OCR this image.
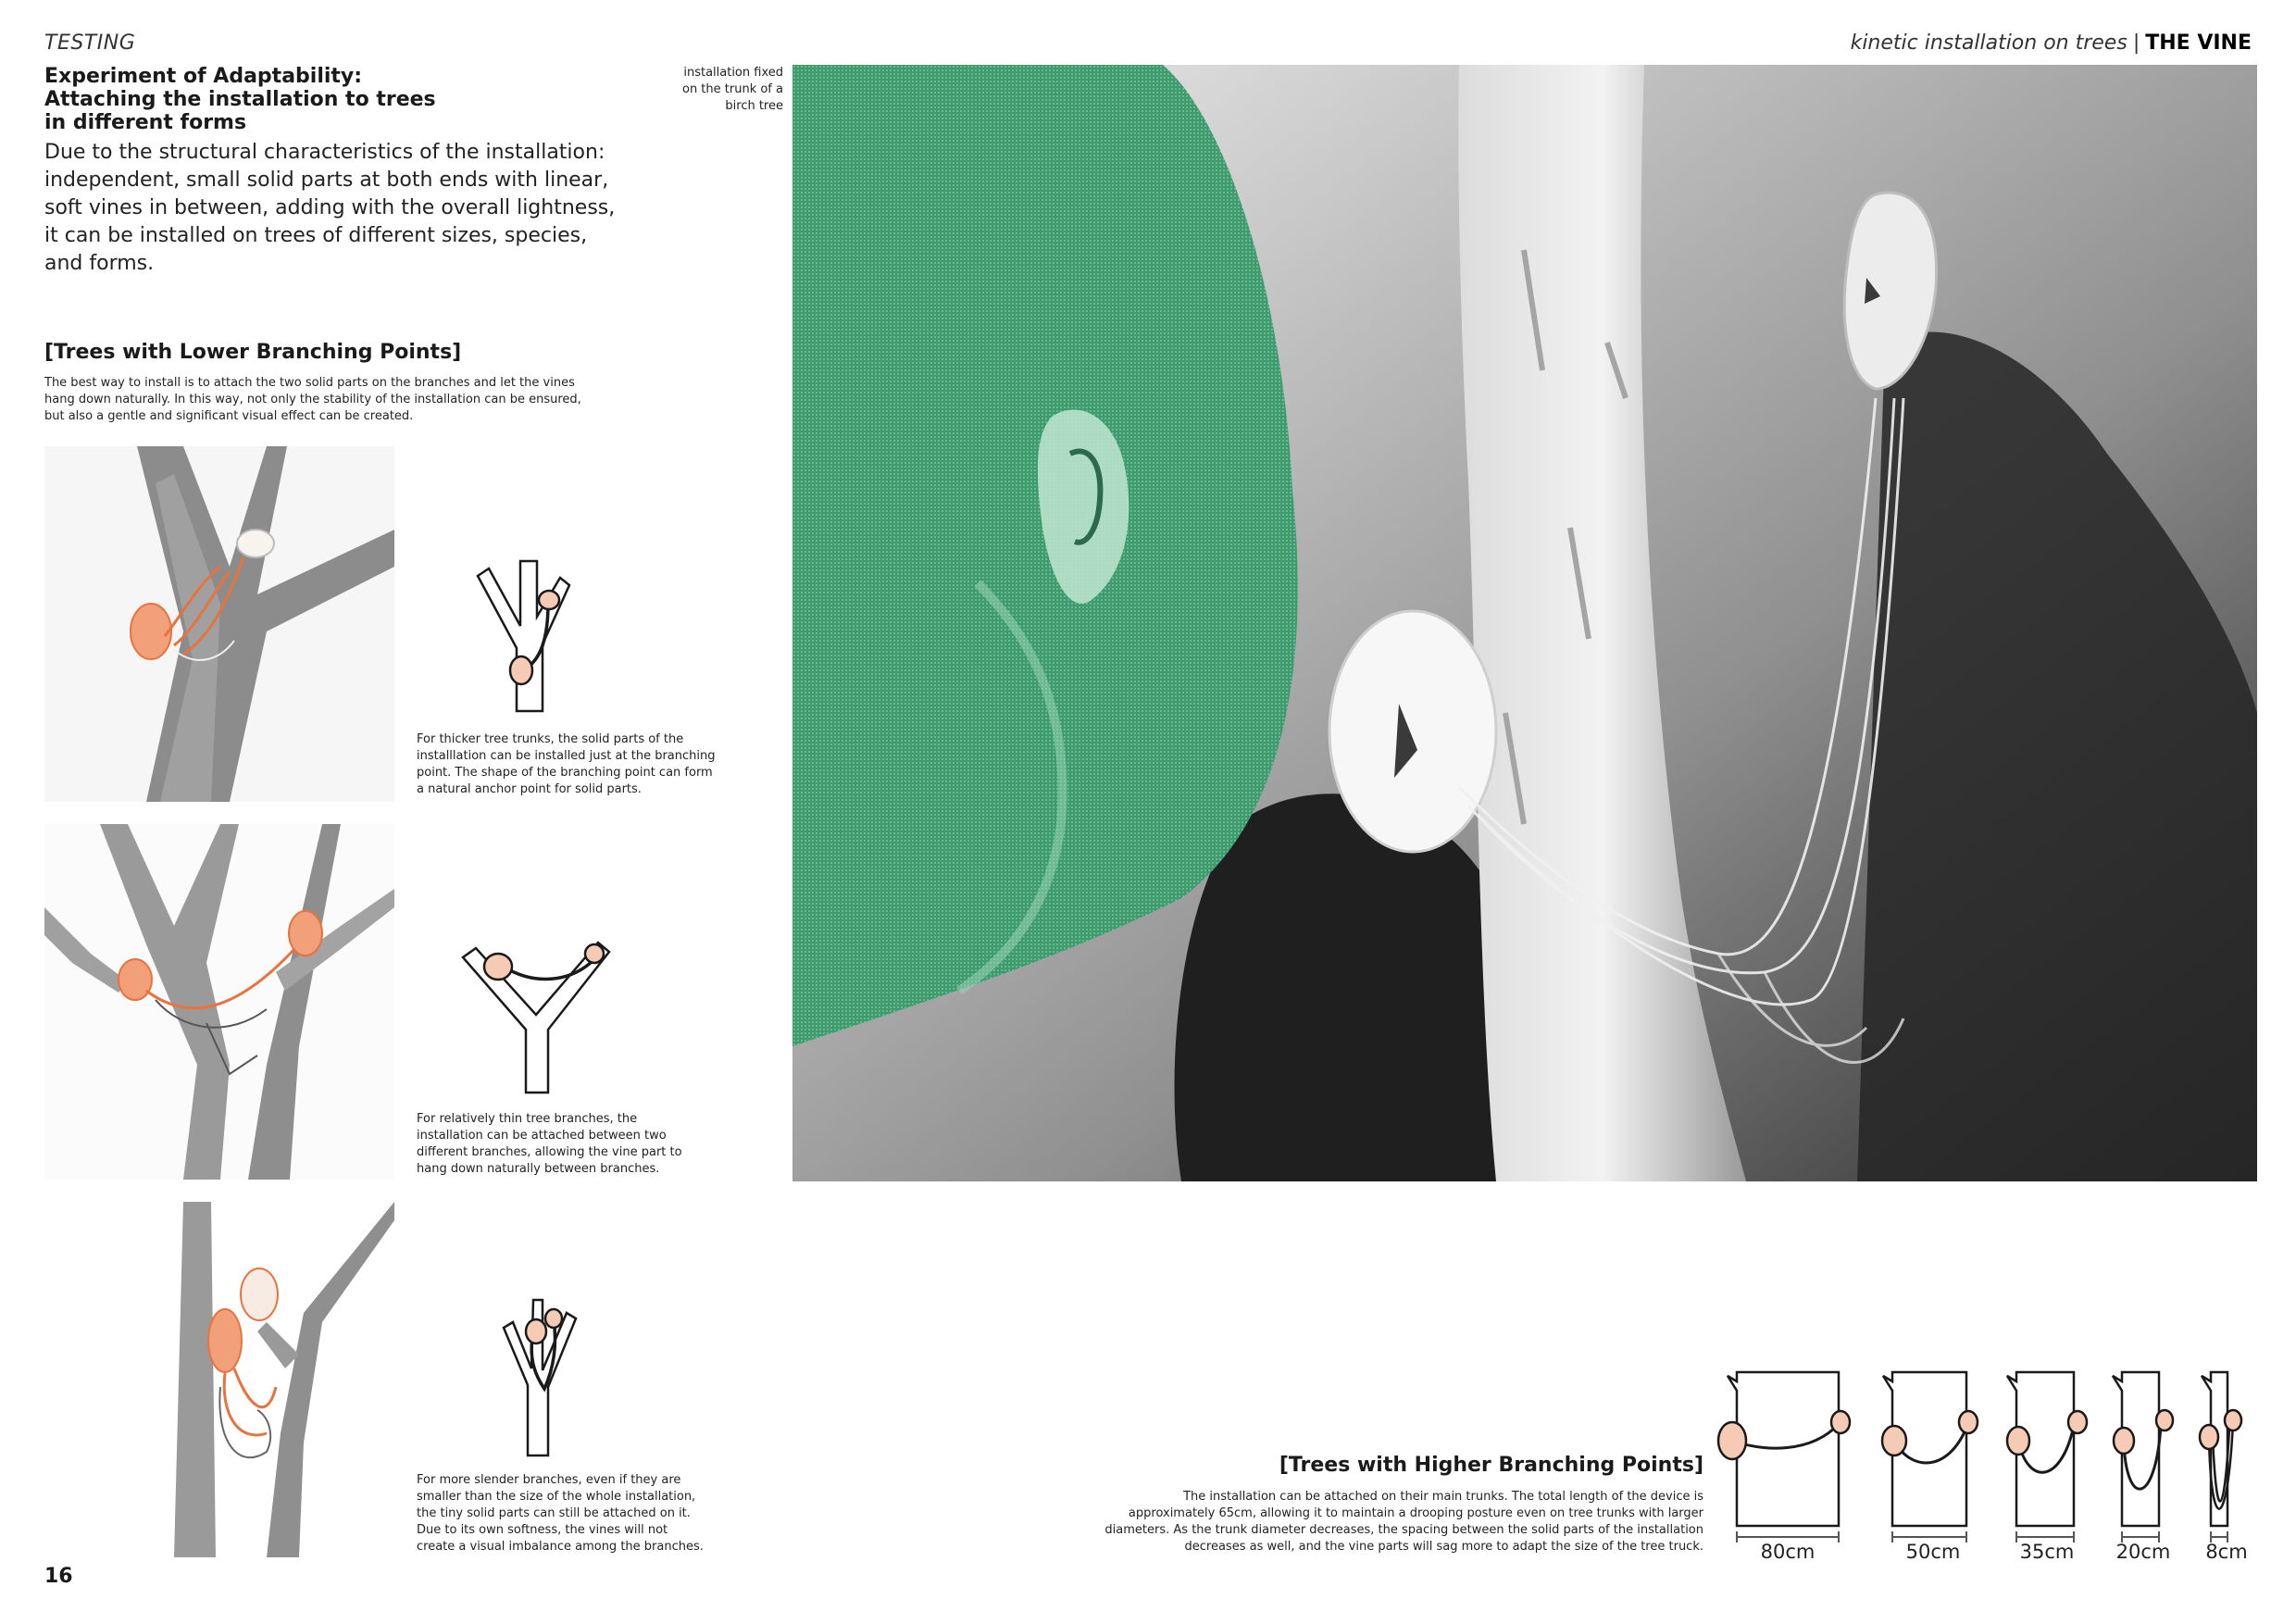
TESTING	kinetic installation on trees | THE VINE
Experiment of Adaptability:
Attaching the installation to trees
in different forms
Due to the structural characteristics of the installation: independent, small solid parts at both ends with linear, soft vines in between, adding with the overall lightness, it can be installed on trees of different sizes, species, and forms.
[Trees with Lower Branching Points]
The best way to install is to attach the two solid parts on the branches and let the vines hang down naturally. In this way, not only the stability of the installation can be ensured, but also a gentle and significant visual effect can be created.
For thicker tree trunks, the solid parts of the installlation can be installed just at the branching point. The shape of the branching point can form a natural anchor point for solid parts.
For relatively thin tree branches, the installation can be attached between two different branches, allowing the vine part to hang down naturally between branches.
For more slender branches, even if they are smaller than the size of the whole installation, the tiny solid parts can still be attached on it. Due to its own softness, the vines will not create a visual imbalance among the branches.
installation fixed on the trunk of a birch tree
[Trees with Higher Branching Points]
The installation can be attached on their main trunks. The total length of the device is approximately 65cm, allowing it to maintain a drooping posture even on tree trunks with larger diameters. As the trunk diameter decreases, the spacing between the solid parts of the installation decreases as well, and the vine parts will sag more to adapt the size of the tree truck.	80cm	50cm	35cm	20cm	8cm
16
